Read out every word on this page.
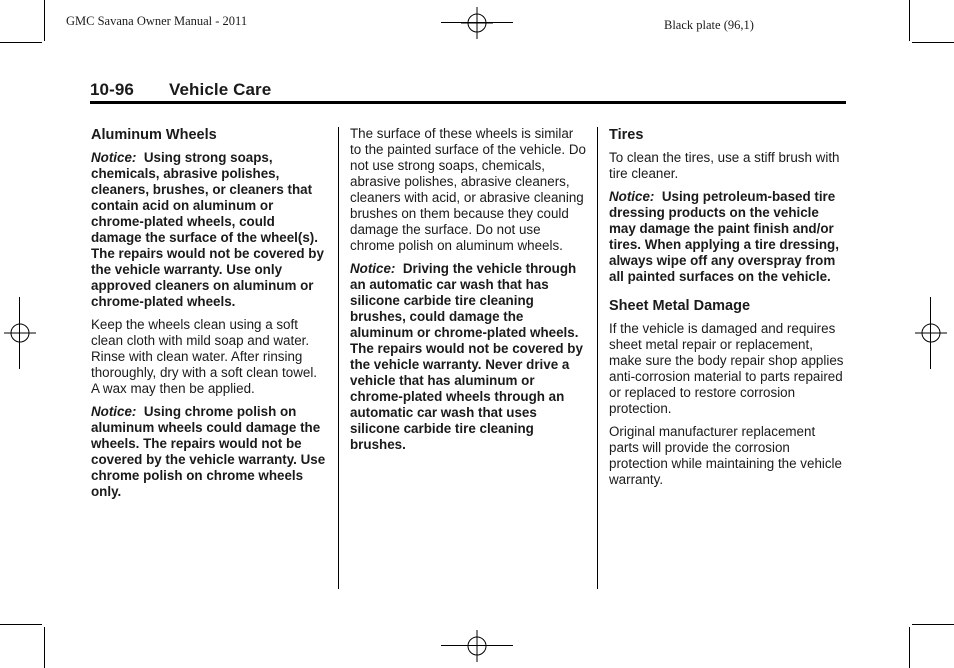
GMC Savana Owner Manual - 2011	Black plate (96,1)
10-96 Vehicle Care
Aluminum Wheels

Notice: Using strong soaps, chemicals, abrasive polishes, cleaners, brushes, or cleaners that contain acid on aluminum or chrome-plated wheels, could damage the surface of the wheel(s). The repairs would not be covered by the vehicle warranty. Use only approved cleaners on aluminum or chrome-plated wheels.

Keep the wheels clean using a soft clean cloth with mild soap and water. Rinse with clean water. After rinsing thoroughly, dry with a soft clean towel. A wax may then be applied.

Notice: Using chrome polish on aluminum wheels could damage the wheels. The repairs would not be covered by the vehicle warranty. Use chrome polish on chrome wheels only.

The surface of these wheels is similar to the painted surface of the vehicle. Do not use strong soaps, chemicals, abrasive polishes, abrasive cleaners, cleaners with acid, or abrasive cleaning brushes on them because they could damage the surface. Do not use chrome polish on aluminum wheels.

Notice: Driving the vehicle through an automatic car wash that has silicone carbide tire cleaning brushes, could damage the aluminum or chrome-plated wheels. The repairs would not be covered by the vehicle warranty. Never drive a vehicle that has aluminum or chrome-plated wheels through an automatic car wash that uses silicone carbide tire cleaning brushes.

Tires

To clean the tires, use a stiff brush with tire cleaner.

Notice: Using petroleum-based tire dressing products on the vehicle may damage the paint finish and/or tires. When applying a tire dressing, always wipe off any overspray from all painted surfaces on the vehicle.

Sheet Metal Damage

If the vehicle is damaged and requires sheet metal repair or replacement, make sure the body repair shop applies anti-corrosion material to parts repaired or replaced to restore corrosion protection.

Original manufacturer replacement parts will provide the corrosion protection while maintaining the vehicle warranty.
